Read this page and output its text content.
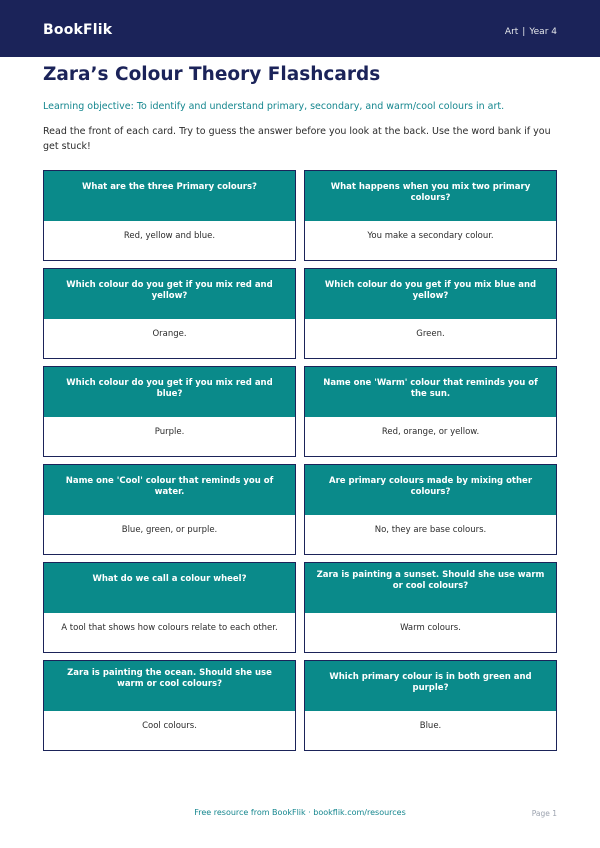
BookFlik	Art | Year 4
Zara’s Colour Theory Flashcards
Learning objective: To identify and understand primary, secondary, and warm/cool colours in art.
Read the front of each card. Try to guess the answer before you look at the back. Use the word bank if you get stuck!
What are the three Primary colours?
Red, yellow and blue.
What happens when you mix two primary colours?
You make a secondary colour.
Which colour do you get if you mix red and yellow?
Orange.
Which colour do you get if you mix blue and yellow?
Green.
Which colour do you get if you mix red and blue?
Purple.
Name one 'Warm' colour that reminds you of the sun.
Red, orange, or yellow.
Name one 'Cool' colour that reminds you of water.
Blue, green, or purple.
Are primary colours made by mixing other colours?
No, they are base colours.
What do we call a colour wheel?
A tool that shows how colours relate to each other.
Zara is painting a sunset. Should she use warm or cool colours?
Warm colours.
Zara is painting the ocean. Should she use warm or cool colours?
Cool colours.
Which primary colour is in both green and purple?
Blue.
Free resource from BookFlik · bookflik.com/resources	Page 1
